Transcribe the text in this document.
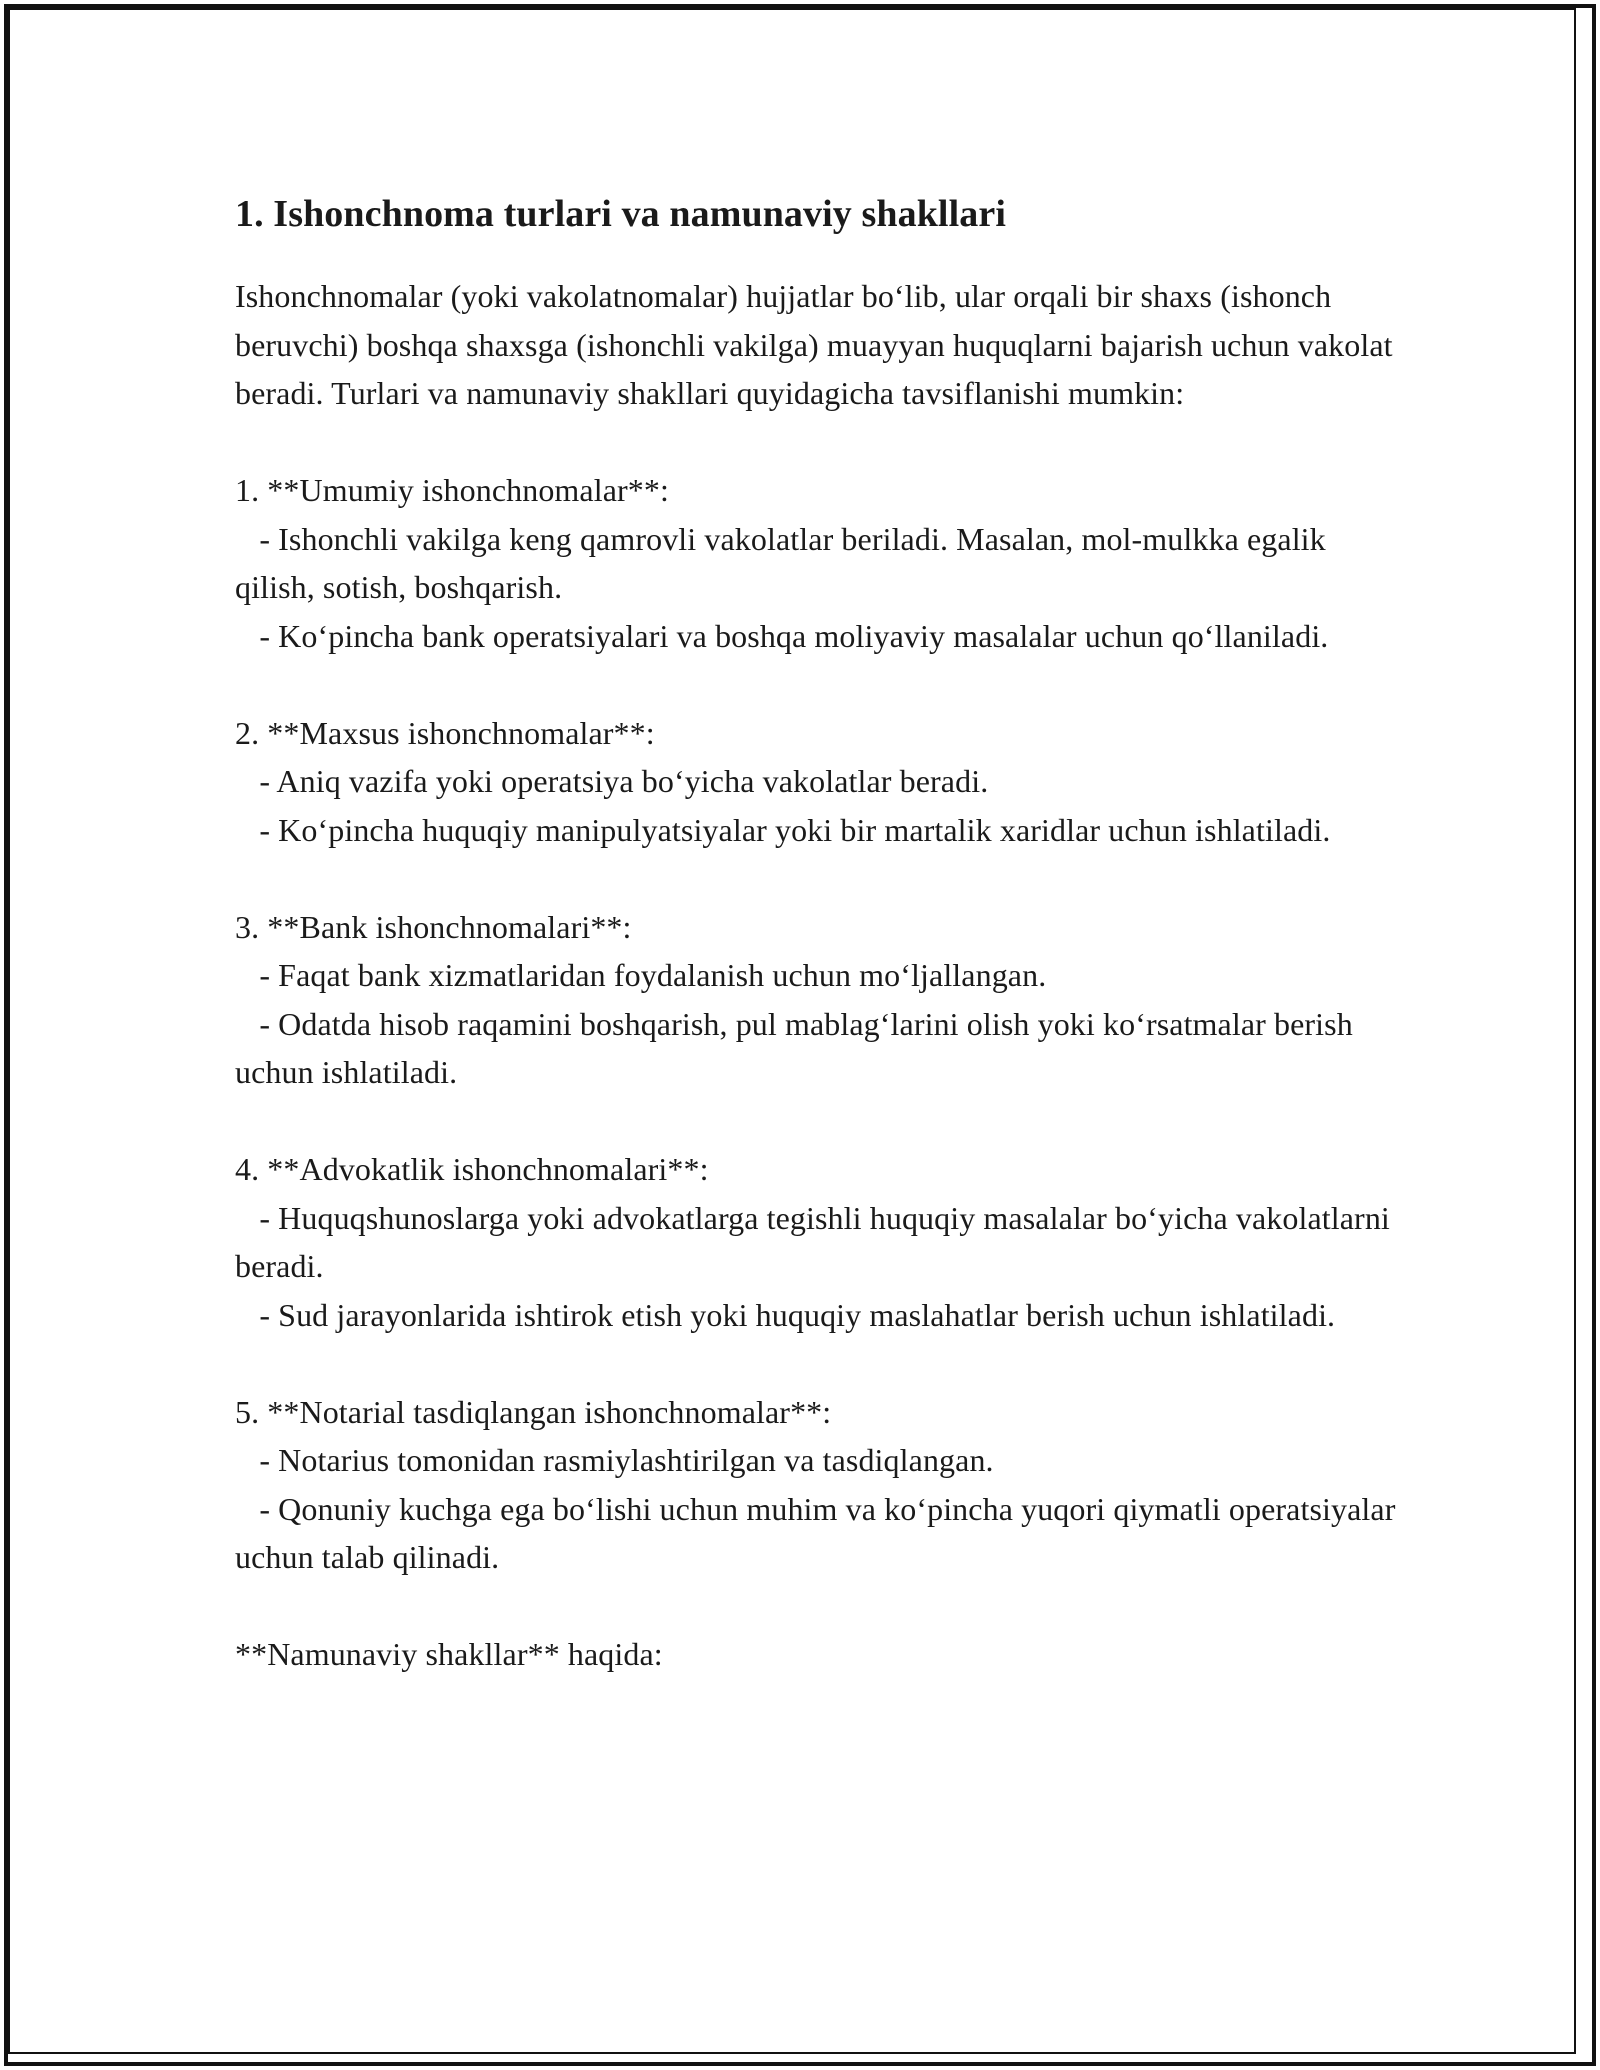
1. Ishonchnoma turlari va namunaviy shakllari

Ishonchnomalar (yoki vakolatnomalar) hujjatlar bo‘lib, ular orqali bir shaxs (ishonch beruvchi) boshqa shaxsga (ishonchli vakilga) muayyan huquqlarni bajarish uchun vakolat beradi. Turlari va namunaviy shakllari quyidagicha tavsiflanishi mumkin:

1. **Umumiy ishonchnomalar**:

- Ishonchli vakilga keng qamrovli vakolatlar beriladi. Masalan, mol-mulkka egalik qilish, sotish, boshqarish.

- Ko‘pincha bank operatsiyalari va boshqa moliyaviy masalalar uchun qo‘llaniladi.

2. **Maxsus ishonchnomalar**:

- Aniq vazifa yoki operatsiya bo‘yicha vakolatlar beradi.

- Ko‘pincha huquqiy manipulyatsiyalar yoki bir martalik xaridlar uchun ishlatiladi.

3. **Bank ishonchnomalari**:

- Faqat bank xizmatlaridan foydalanish uchun mo‘ljallangan.

- Odatda hisob raqamini boshqarish, pul mablag‘larini olish yoki ko‘rsatmalar berish uchun ishlatiladi.

4. **Advokatlik ishonchnomalari**:

- Huquqshunoslarga yoki advokatlarga tegishli huquqiy masalalar bo‘yicha vakolatlarni beradi.

- Sud jarayonlarida ishtirok etish yoki huquqiy maslahatlar berish uchun ishlatiladi.

5. **Notarial tasdiqlangan ishonchnomalar**:

- Notarius tomonidan rasmiylashtirilgan va tasdiqlangan.

- Qonuniy kuchga ega bo‘lishi uchun muhim va ko‘pincha yuqori qiymatli operatsiyalar uchun talab qilinadi.

**Namunaviy shakllar** haqida:
